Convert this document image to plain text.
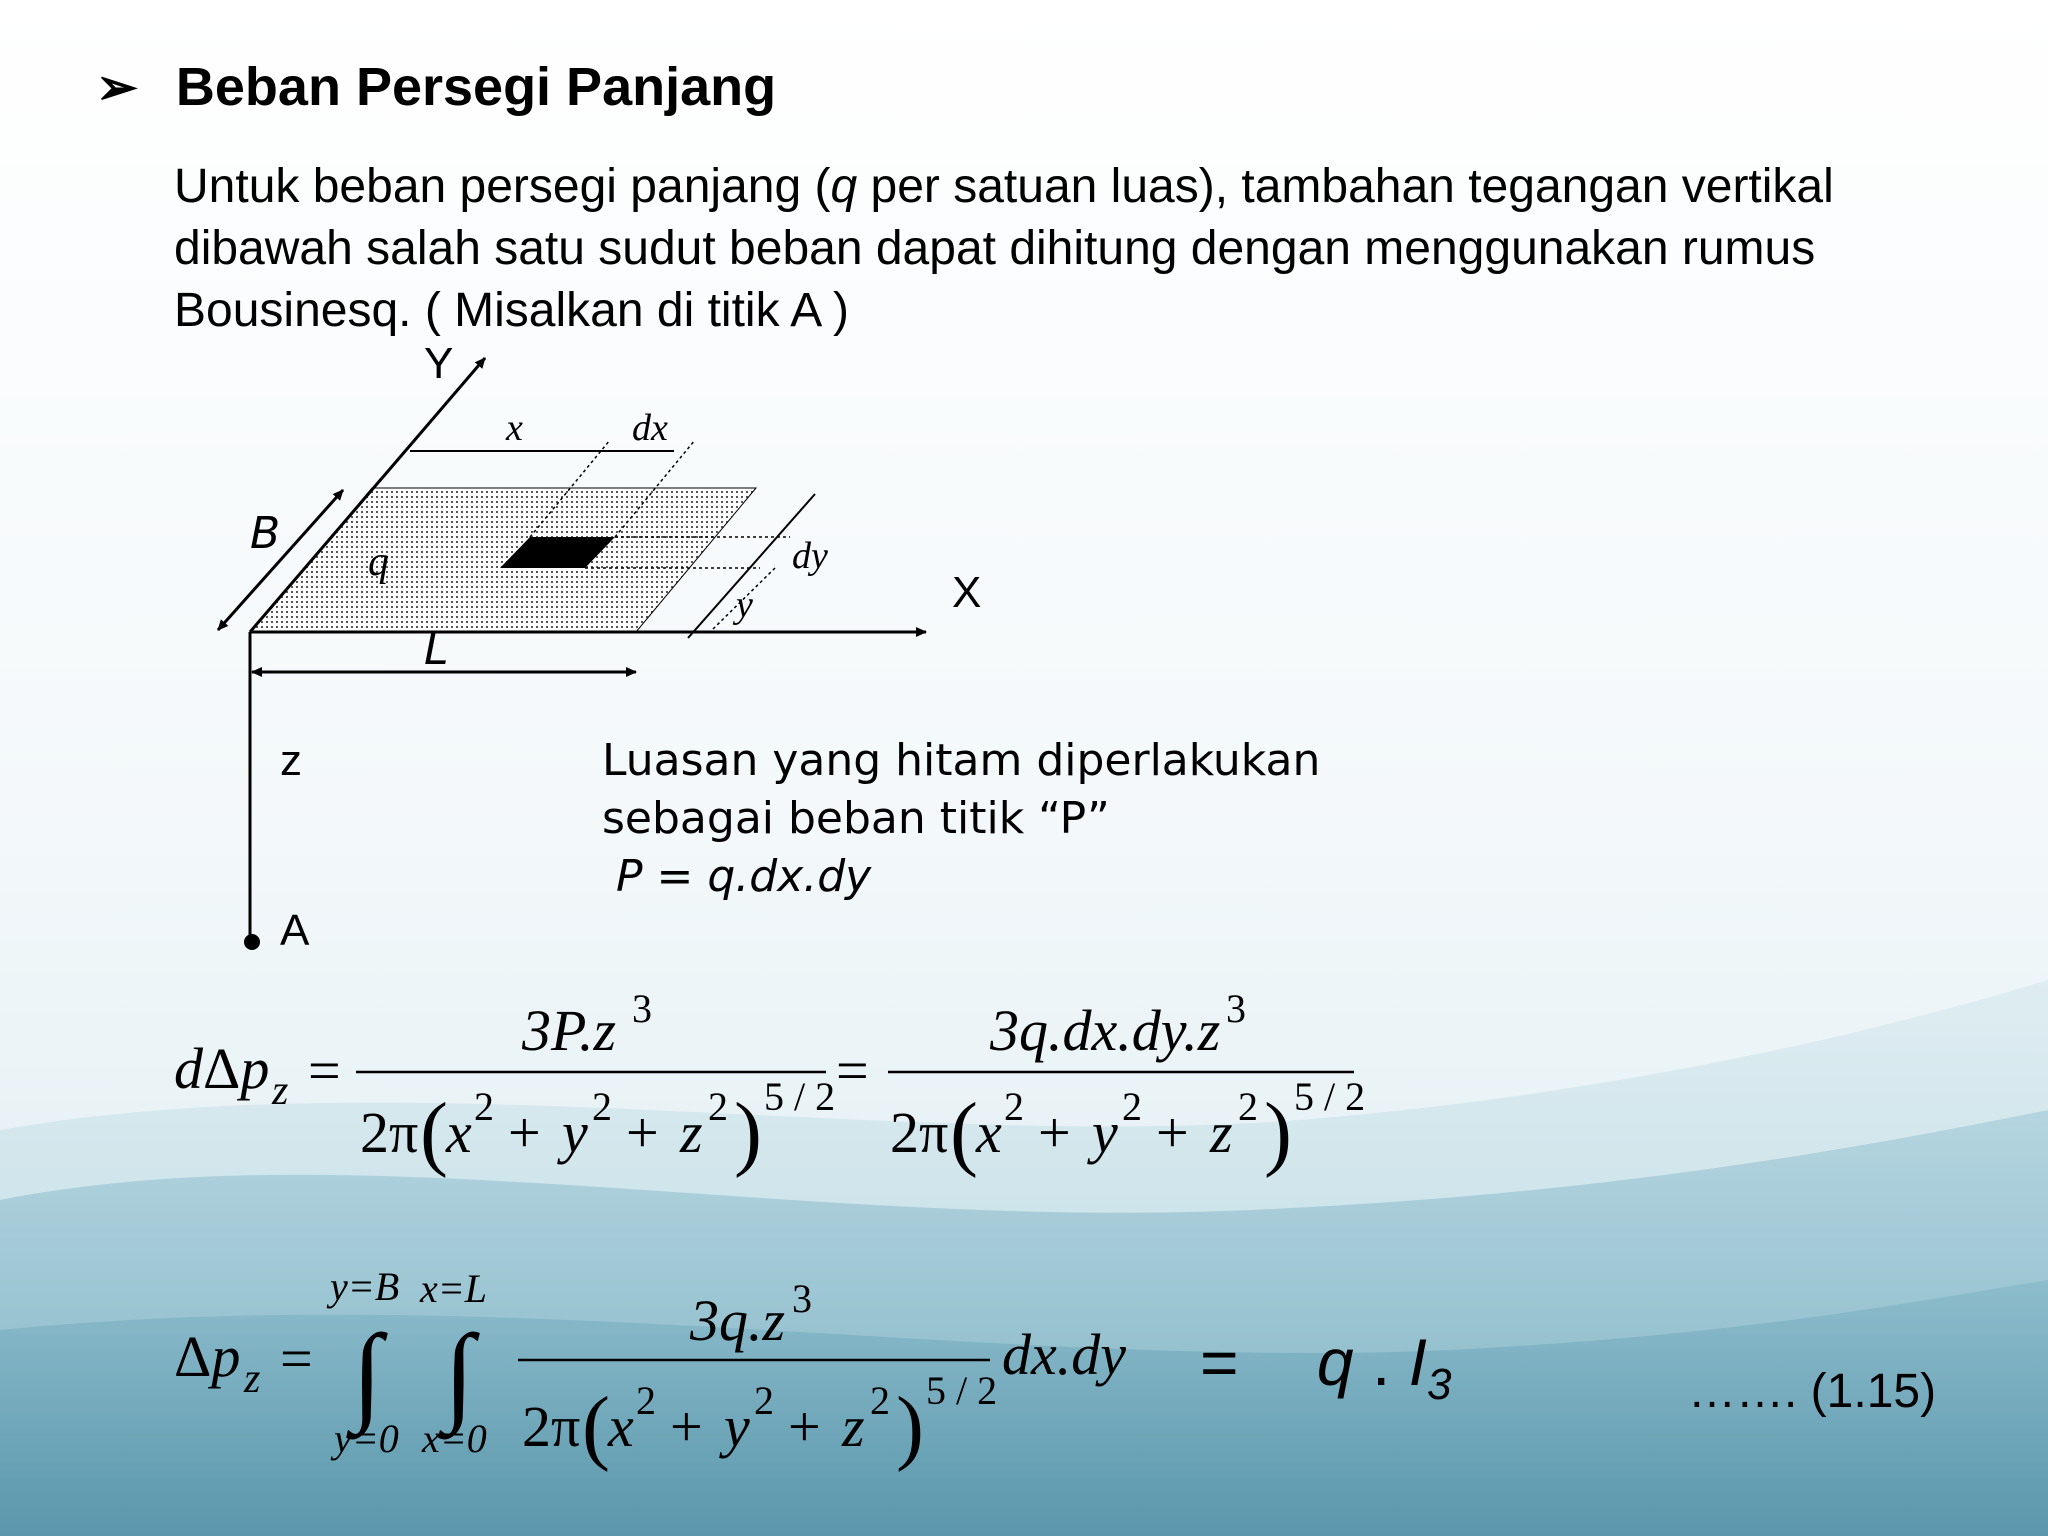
➢ Beban Persegi Panjang
Untuk beban persegi panjang (q per satuan luas), tambahan tegangan vertikal
dibawah salah satu sudut beban dapat dihitung dengan menggunakan rumus
Bousinesq. ( Misalkan di titik A )
Y
X
z
A
B
L
q
x	dx
dy
y
Luasan yang hitam diperlakukan
sebagai beban titik “P”
P = q.dx.dy
dΔp z =
3P.z 3
2π (
x 2 + y 2 + z 2 ) 5 / 2 =
3q.dx.dy.z 3
2π (
x 2 + y 2 + z 2 ) 5 / 2
Δp z = ∫ ∫
y=B x=L
y=0 x=0
3q.z 3
2π (
x 2 + y 2 + z 2 ) 5 / 2
dx.dy = q . $I_3$	……. (1.15)
